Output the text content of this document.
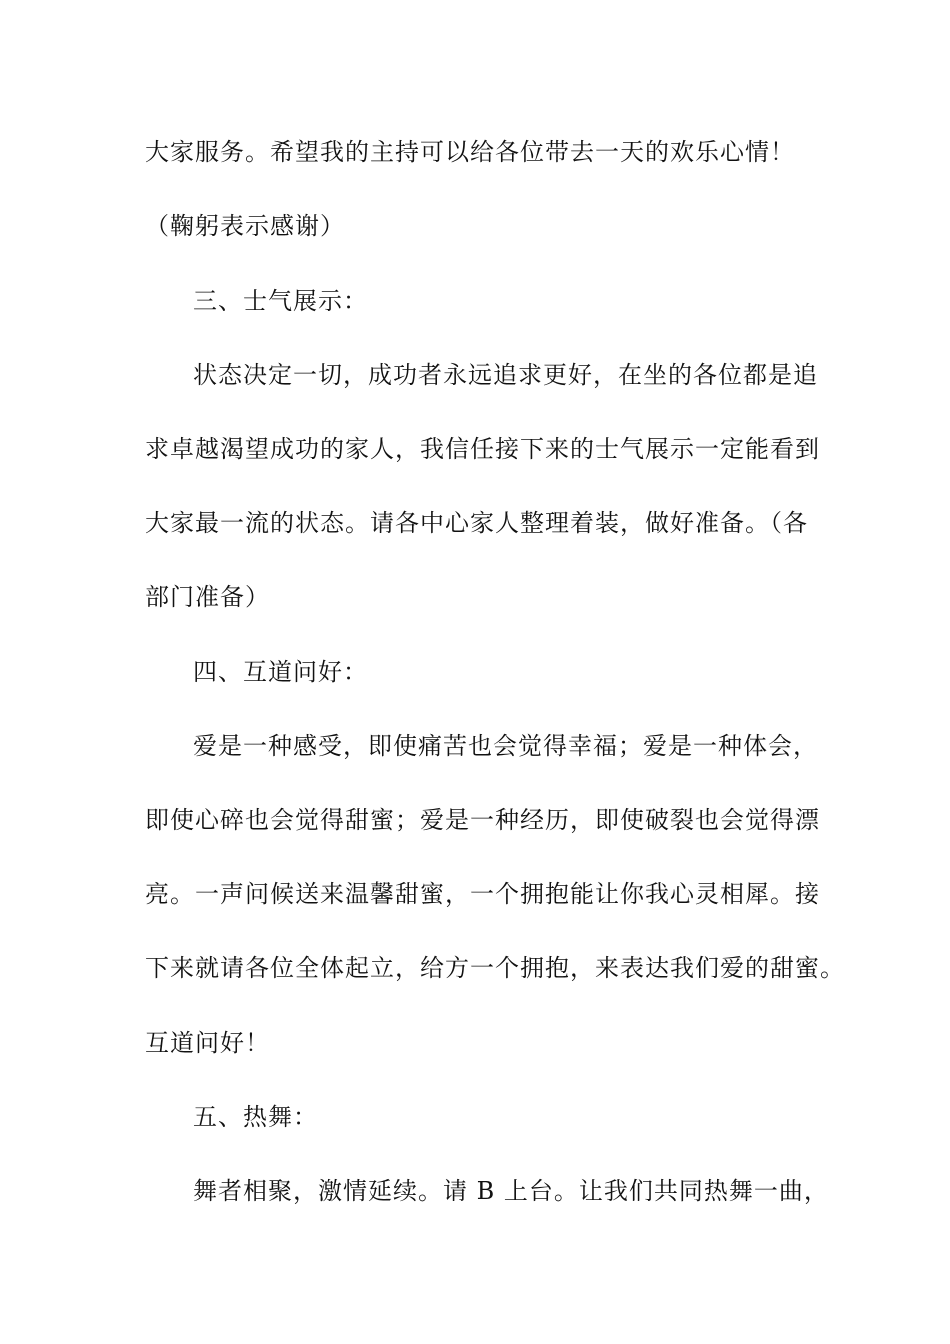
大家服务。希望我的主持可以给各位带去一天的欢乐心情！
（鞠躬表示感谢）
三、士气展示：
状态决定一切，成功者永远追求更好，在坐的各位都是追
求卓越渴望成功的家人，我信任接下来的士气展示一定能看到
大家最一流的状态。请各中心家人整理着装，做好准备。（各
部门准备）
四、互道问好：
爱是一种感受，即使痛苦也会觉得幸福；爱是一种体会，
即使心碎也会觉得甜蜜；爱是一种经历，即使破裂也会觉得漂
亮。一声问候送来温馨甜蜜，一个拥抱能让你我心灵相犀。接
下来就请各位全体起立，给方一个拥抱，来表达我们爱的甜蜜。
互道问好！
五、热舞：
舞者相聚，激情延续。请 B 上台。让我们共同热舞一曲，
